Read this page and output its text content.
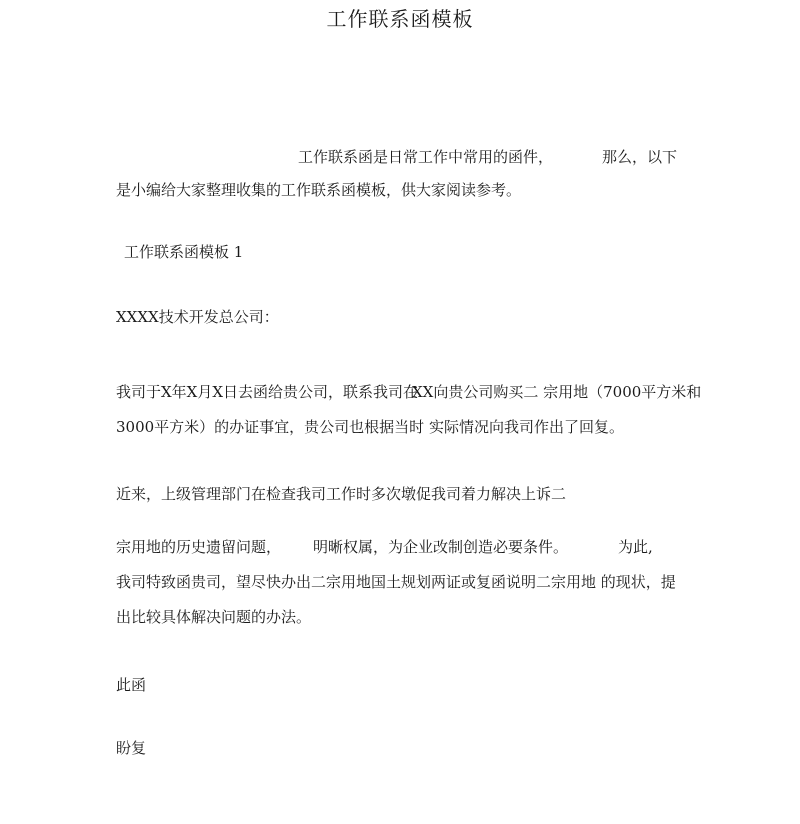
工作联系函模板
工作联系函是日常工作中常用的函件，	那么，以下
是小编给大家整理收集的工作联系函模板，供大家阅读参考。
工作联系函模板 1
XXXX技术开发总公司：
我司于X年X月X日去函给贵公司，联系我司在
XX向贵公司购买二 宗用地（7000平方米和
3000平方米）的办证事宜，贵公司也根据当时 实际情况向我司作出了回复。
近来，上级管理部门在检查我司工作时多次墩促我司着力解决上诉二
宗用地的历史遗留问题， 明晰权属，为企业改制创造必要条件。	为此,
我司特致函贵司，望尽快办出二宗用地国土规划两证或复函说明二宗用地 的现状，提
出比较具体解决问题的办法。
此函
盼复
